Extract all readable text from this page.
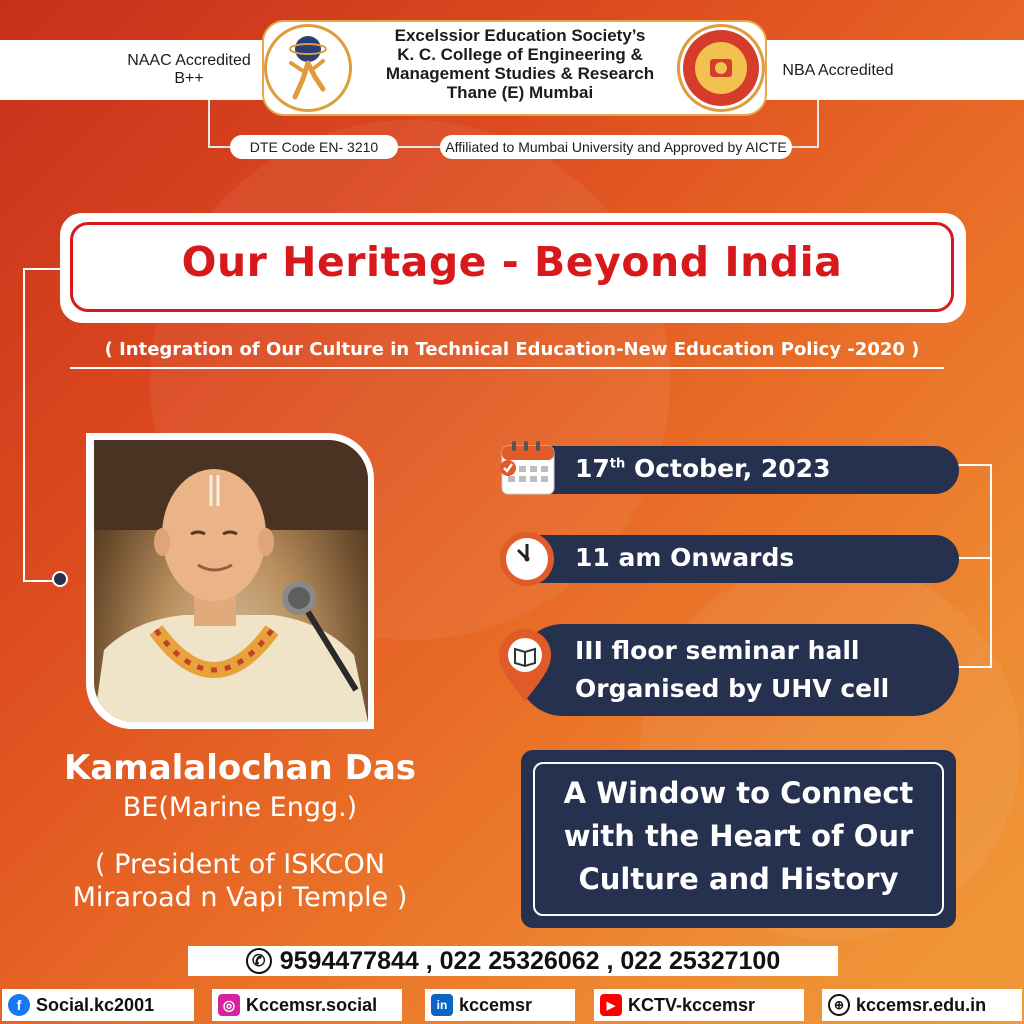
NAAC Accredited
B++	NBA Accredited
Excelssior Education Society’s
K. C. College of Engineering &
Management Studies & Research
Thane (E) Mumbai
DTE Code EN- 3210	Affiliated to Mumbai University and Approved by AICTE
Our Heritage - Beyond India
( Integration of Our Culture in Technical Education-New Education Policy -2020 )
Kamalalochan Das
BE(Marine Engg.)
( President of ISKCON
Miraroad n Vapi Temple )
17th October, 2023
11 am Onwards
III floor seminar hall
Organised by UHV cell
A Window to Connect
with the Heart of Our
Culture and History
✆ 9594477844 , 022 25326062 , 022 25327100
f Social.kc2001	◎ Kccemsr.social	in kccemsr	▶ KCTV-kccemsr	⊕ kccemsr.edu.in
